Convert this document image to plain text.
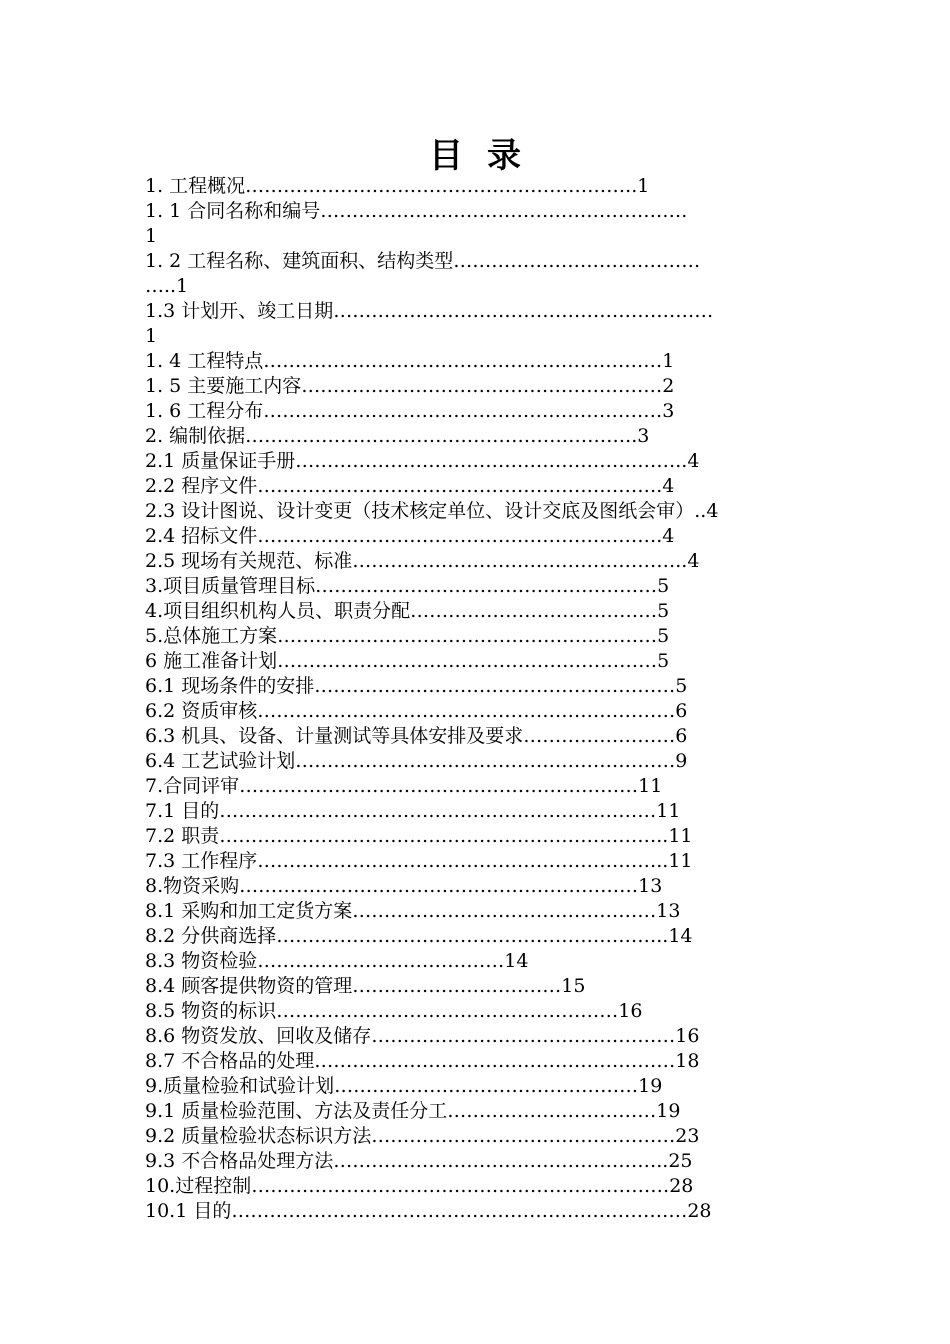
目录
1. 工程概况……………………………………………………..1
1. 1 合同名称和编号………………………………………………….
1
1. 2 工程名称、建筑面积、结构类型…………………………………
…..1
1.3 计划开、竣工日期……………………………………………………
1
1. 4 工程特点………………………………………………………1
1. 5 主要施工内容…………………………………………………2
1. 6 工程分布………………………………………………………3
2. 编制依据……………………………………………………..3
2.1 质量保证手册……………………………………………………..4
2.2 程序文件……………………………………………………….4
2.3 设计图说、设计变更（技术核定单位、设计交底及图纸会审）..4
2.4 招标文件……………………………………………………….4
2.5 现场有关规范、标准……………………………………………..4
3.项目质量管理目标………………………………………………5
4.项目组织机构人员、职责分配…………………………………5
5.总体施工方案……………………………………………………5
6 施工准备计划……………………………………………………5
6.1 现场条件的安排…………………………………………………5
6.2 资质审核…………………………………………………………6
6.3 机具、设备、计量测试等具体安排及要求……………………6
6.4 工艺试验计划……………………………………………………9
7.合同评审………………………………………………………11
7.1 目的……………………………………………………………11
7.2 职责……………………………………………………………..11
7.3 工作程序………………………………………………………..11
8.物资采购………………………………………………………13
8.1 采购和加工定货方案…………………………………………13
8.2 分供商选择……………………………………………………..14
8.3 物资检验…………………………………14
8.4 顾客提供物资的管理……………………………15
8.5 物资的标识………………………………………………16
8.6 物资发放、回收及储存…………………………………………16
8.7 不合格品的处理…………………………………………………18
9.质量检验和试验计划…………………………………………19
9.1 质量检验范围、方法及责任分工……………………………19
9.2 质量检验状态标识方法…………………………………………23
9.3 不合格品处理方法……………………………………………..25
10.过程控制…………………………………………………………28
10.1 目的………………………………………………………………28
